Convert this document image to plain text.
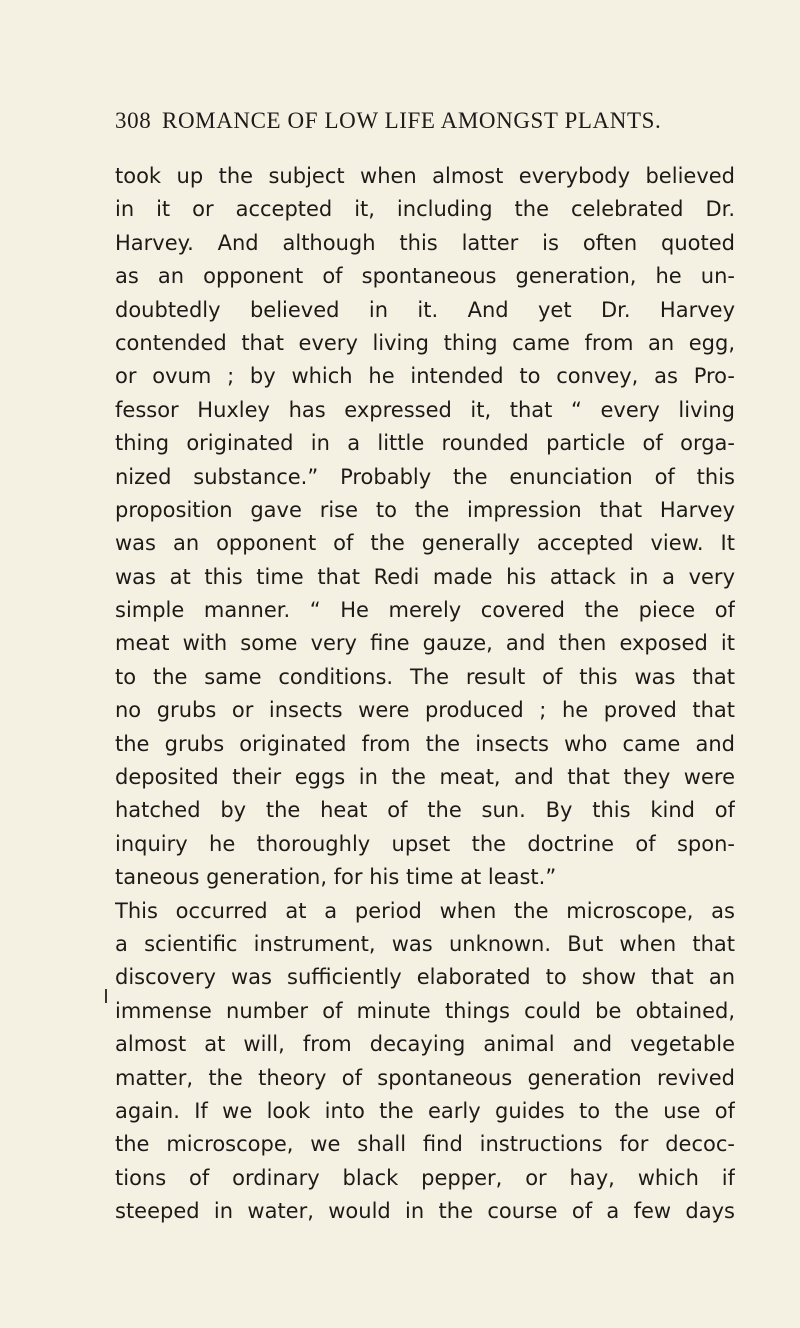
308 ROMANCE OF LOW LIFE AMONGST PLANTS.
took up the subject when almost everybody believed
in it or accepted it, including the celebrated Dr.
Harvey. And although this latter is often quoted
as an opponent of spontaneous generation, he un-
doubtedly believed in it. And yet Dr. Harvey
contended that every living thing came from an egg,
or ovum ; by which he intended to convey, as Pro-
fessor Huxley has expressed it, that “ every living
thing originated in a little rounded particle of orga-
nized substance.” Probably the enunciation of this
proposition gave rise to the impression that Harvey
was an opponent of the generally accepted view. It
was at this time that Redi made his attack in a very
simple manner. “ He merely covered the piece of
meat with some very fine gauze, and then exposed it
to the same conditions. The result of this was that
no grubs or insects were produced ; he proved that
the grubs originated from the insects who came and
deposited their eggs in the meat, and that they were
hatched by the heat of the sun. By this kind of
inquiry he thoroughly upset the doctrine of spon-
taneous generation, for his time at least.”
This occurred at a period when the microscope, as
a scientific instrument, was unknown. But when that
discovery was sufficiently elaborated to show that an
immense number of minute things could be obtained,
almost at will, from decaying animal and vegetable
matter, the theory of spontaneous generation revived
again. If we look into the early guides to the use of
the microscope, we shall find instructions for decoc-
tions of ordinary black pepper, or hay, which if
steeped in water, would in the course of a few days
